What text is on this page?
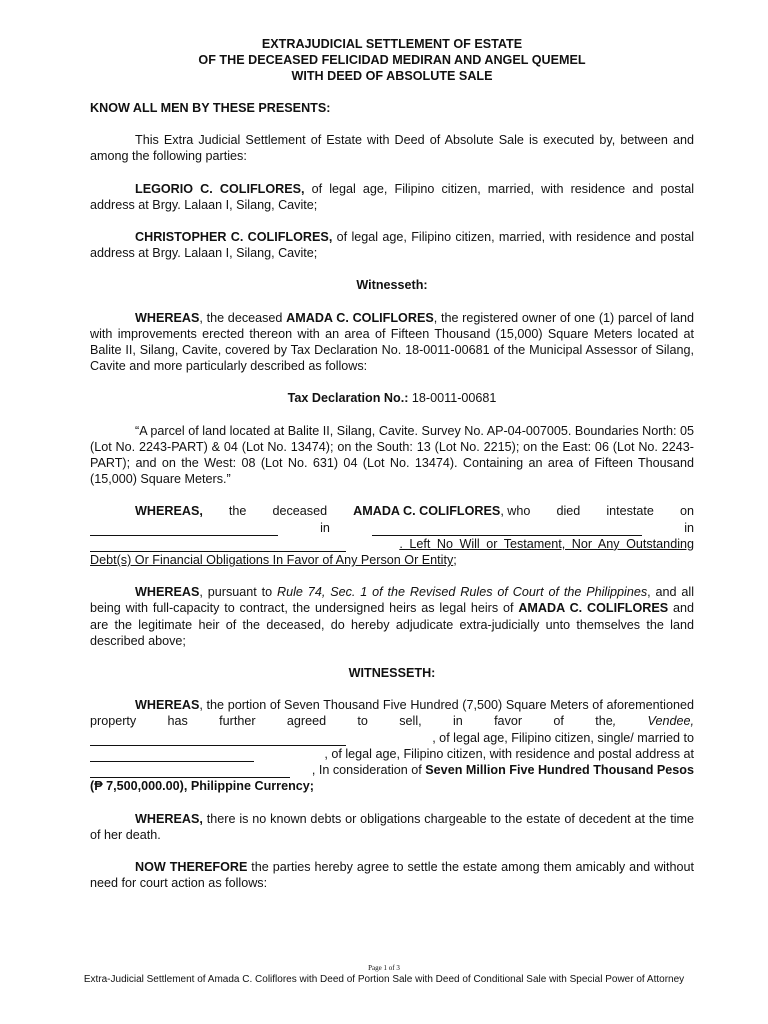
EXTRAJUDICIAL SETTLEMENT OF ESTATE

OF THE DECEASED FELICIDAD MEDIRAN AND ANGEL QUEMEL

WITH DEED OF ABSOLUTE SALE

KNOW ALL MEN BY THESE PRESENTS:

This Extra Judicial Settlement of Estate with Deed of Absolute Sale is executed by, between and among the following parties:

LEGORIO C. COLIFLORES, of legal age, Filipino citizen, married, with residence and postal address at Brgy. Lalaan I, Silang, Cavite;

CHRISTOPHER C. COLIFLORES, of legal age, Filipino citizen, married, with residence and postal address at Brgy. Lalaan I, Silang, Cavite;

Witnesseth:

WHEREAS, the deceased AMADA C. COLIFLORES, the registered owner of one (1) parcel of land with improvements erected thereon with an area of Fifteen Thousand (15,000) Square Meters located at Balite II, Silang, Cavite, covered by Tax Declaration No. 18-0011-00681 of the Municipal Assessor of Silang, Cavite and more particularly described as follows:

Tax Declaration No.: 18-0011-00681

“A parcel of land located at Balite II, Silang, Cavite. Survey No. AP-04-007005. Boundaries North: 05 (Lot No. 2243-PART) & 04 (Lot No. 13474); on the South: 13 (Lot No. 2215); on the East: 06 (Lot No. 2243-PART); and on the West: 08 (Lot No. 631) 04 (Lot No. 13474). Containing an area of Fifteen Thousand (15,000) Square Meters.”

WHEREAS, the deceased AMADA C. COLIFLORES, who died intestate on
in	in
. Left No Will or Testament, Nor Any Outstanding

Debt(s) Or Financial Obligations In Favor of Any Person Or Entity;

WHEREAS, pursuant to Rule 74, Sec. 1 of the Revised Rules of Court of the Philippines, and all being with full-capacity to contract, the undersigned heirs as legal heirs of AMADA C. COLIFLORES and are the legitimate heir of the deceased, do hereby adjudicate extra-judicially unto themselves the land described above;

WITNESSETH:

WHEREAS, the portion of Seven Thousand Five Hundred (7,500) Square Meters of aforementioned property has further agreed to sell, in favor of the, Vendee,

, of legal age, Filipino citizen, single/ married to
, of legal age, Filipino citizen, with residence and postal address at
, In consideration of Seven Million Five Hundred Thousand Pesos

(₱ 7,500,000.00), Philippine Currency;

WHEREAS, there is no known debts or obligations chargeable to the estate of decedent at the time of her death.

NOW THEREFORE the parties hereby agree to settle the estate among them amicably and without need for court action as follows:

Page 1 of 3
Extra-Judicial Settlement of Amada C. Coliflores with Deed of Portion Sale with Deed of Conditional Sale with Special Power of Attorney
